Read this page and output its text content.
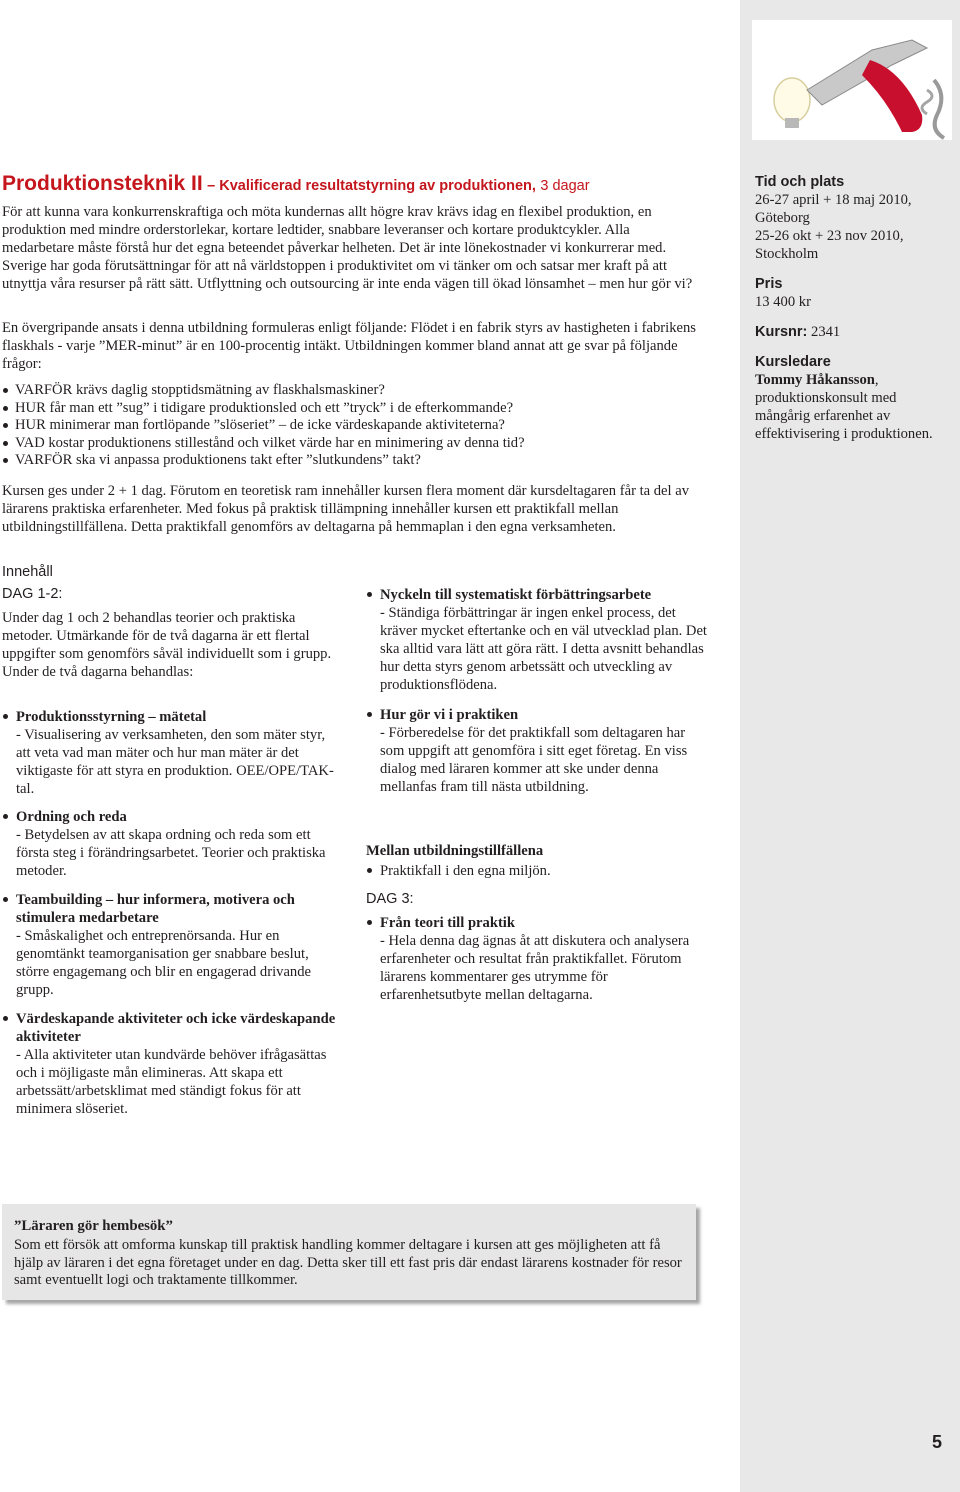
Produktionsteknik II – Kvalificerad resultatstyrning av produktionen, 3 dagar

För att kunna vara konkurrenskraftiga och möta kundernas allt högre krav krävs idag en flexibel produktion, en produktion med mindre orderstorlekar, kortare ledtider, snabbare leveranser och kortare produktcykler. Alla medarbetare måste förstå hur det egna beteendet påverkar helheten. Det är inte lönekostnader vi konkurrerar med. Sverige har goda förutsättningar för att nå världstoppen i produktivitet om vi tänker om och satsar mer kraft på att utnyttja våra resurser på rätt sätt. Utflyttning och outsourcing är inte enda vägen till ökad lönsamhet – men hur gör vi?

En övergripande ansats i denna utbildning formuleras enligt följande: Flödet i en fabrik styrs av hastigheten i fabrikens flaskhals - varje ”MER-minut” är en 100-procentig intäkt. Utbildningen kommer bland annat att ge svar på följande frågor:

VARFÖR krävs daglig stopptidsmätning av flaskhalsmaskiner?
HUR får man ett ”sug” i tidigare produktionsled och ett ”tryck” i de efterkommande?
HUR minimerar man fortlöpande ”slöseriet” – de icke värdeskapande aktiviteterna?
VAD kostar produktionens stillestånd och vilket värde har en minimering av denna tid?
VARFÖR ska vi anpassa produktionens takt efter ”slutkundens” takt?

Kursen ges under 2 + 1 dag. Förutom en teoretisk ram innehåller kursen flera moment där kursdeltagaren får ta del av lärarens praktiska erfarenheter. Med fokus på praktisk tillämpning innehåller kursen ett praktikfall mellan utbildningstillfällena. Detta praktikfall genomförs av deltagarna på hemmaplan i den egna verksamheten.

Innehåll
DAG 1-2:

Under dag 1 och 2 behandlas teorier och praktiska metoder. Utmärkande för de två dagarna är ett flertal uppgifter som genomförs såväl individuellt som i grupp. Under de två dagarna behandlas:

Produktionsstyrning – mätetal
- Visualisering av verksamheten, den som mäter styr, att veta vad man mäter och hur man mäter är det viktigaste för att styra en produktion. OEE/OPE/TAK-tal.
Ordning och reda
- Betydelsen av att skapa ordning och reda som ett första steg i förändringsarbetet. Teorier och praktiska metoder.
Teambuilding – hur informera, motivera och stimulera medarbetare
- Småskalighet och entreprenörsanda. Hur en genomtänkt teamorganisation ger snabbare beslut, större engagemang och blir en engagerad drivande grupp.
Värdeskapande aktiviteter och icke värdeskapande aktiviteter
- Alla aktiviteter utan kundvärde behöver ifrågasättas och i möjligaste mån elimineras. Att skapa ett arbetssätt/arbetsklimat med ständigt fokus för att minimera slöseriet.
Nyckeln till systematiskt förbättringsarbete
- Ständiga förbättringar är ingen enkel process, det kräver mycket eftertanke och en väl utvecklad plan. Det ska alltid vara lätt att göra rätt. I detta avsnitt behandlas hur detta styrs genom arbetssätt och utveckling av produktionsflödena.
Hur gör vi i praktiken
- Förberedelse för det praktikfall som deltagaren har som uppgift att genomföra i sitt eget företag. En viss dialog med läraren kommer att ske under denna mellanfas fram till nästa utbildning.
Mellan utbildningstillfällena
Praktikfall i den egna miljön.
DAG 3:
Från teori till praktik
- Hela denna dag ägnas åt att diskutera och analysera erfarenheter och resultat från praktikfallet. Förutom lärarens kommentarer ges utrymme för erfarenhetsutbyte mellan deltagarna.
Tid och plats
26-27 april + 18 maj 2010, Göteborg
25-26 okt + 23 nov 2010, Stockholm
Pris
13 400 kr
Kursnr: 2341
Kursledare
Tommy Håkansson, produktionskonsult med mångårig erfarenhet av effektivisering i produktionen.
”Läraren gör hembesök”

Som ett försök att omforma kunskap till praktisk handling kommer deltagare i kursen att ges möjligheten att få hjälp av läraren i det egna företaget under en dag. Detta sker till ett fast pris där endast lärarens kostnader för resor samt eventuellt logi och traktamente tillkommer.

5
